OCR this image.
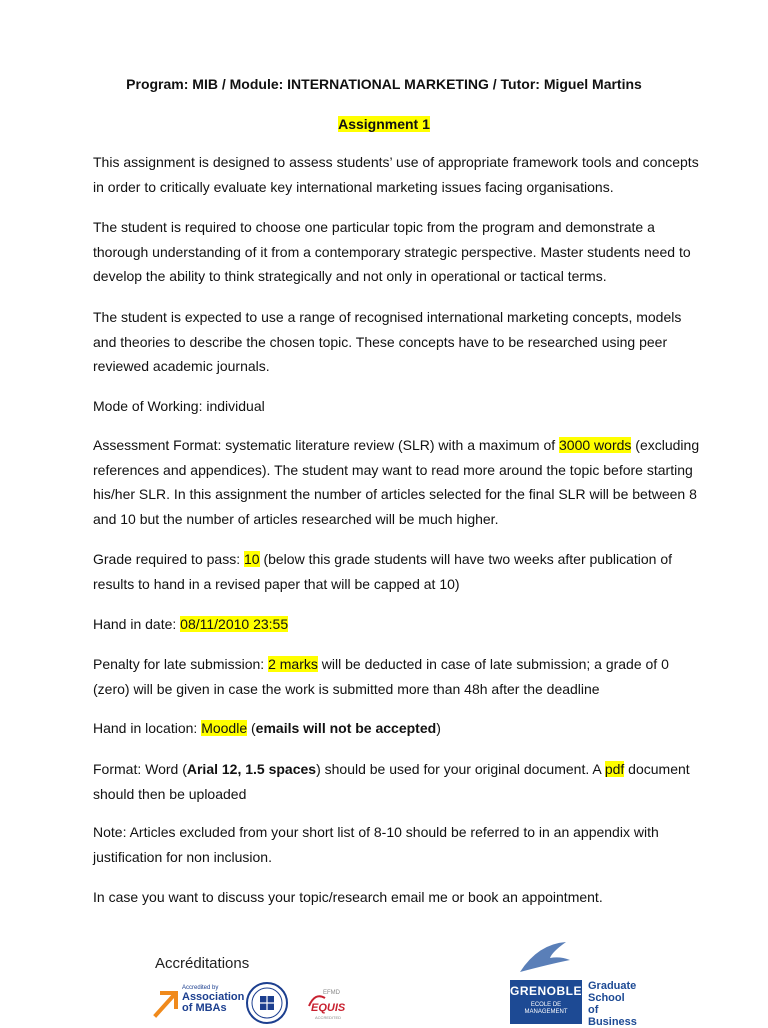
Program: MIB / Module: INTERNATIONAL MARKETING / Tutor: Miguel Martins
Assignment 1

This assignment is designed to assess students’ use of appropriate framework tools and concepts in order to critically evaluate key international marketing issues facing organisations.

The student is required to choose one particular topic from the program and demonstrate a thorough understanding of it from a contemporary strategic perspective. Master students need to develop the ability to think strategically and not only in operational or tactical terms.

The student is expected to use a range of recognised international marketing concepts, models and theories to describe the chosen topic. These concepts have to be researched using peer reviewed academic journals.

Mode of Working: individual

Assessment Format: systematic literature review (SLR) with a maximum of 3000 words (excluding references and appendices). The student may want to read more around the topic before starting his/her SLR. In this assignment the number of articles selected for the final SLR will be between 8 and 10 but the number of articles researched will be much higher.

Grade required to pass: 10 (below this grade students will have two weeks after publication of results to hand in a revised paper that will be capped at 10)

Hand in date: 08/11/2010 23:55

Penalty for late submission: 2 marks will be deducted in case of late submission; a grade of 0 (zero) will be given in case the work is submitted more than 48h after the deadline

Hand in location: Moodle (emails will not be accepted)

Format: Word (Arial 12, 1.5 spaces) should be used for your original document. A pdf document should then be uploaded

Note: Articles excluded from your short list of 8-10 should be referred to in an appendix with justification for non inclusion.

In case you want to discuss your topic/research email me or book an appointment.

Accréditations
Accredited by
Association
of MBAs
EFMD
EQUIS
ACCREDITED
GRENOBLE
ECOLE DE
MANAGEMENT
Graduate
School of
Business
